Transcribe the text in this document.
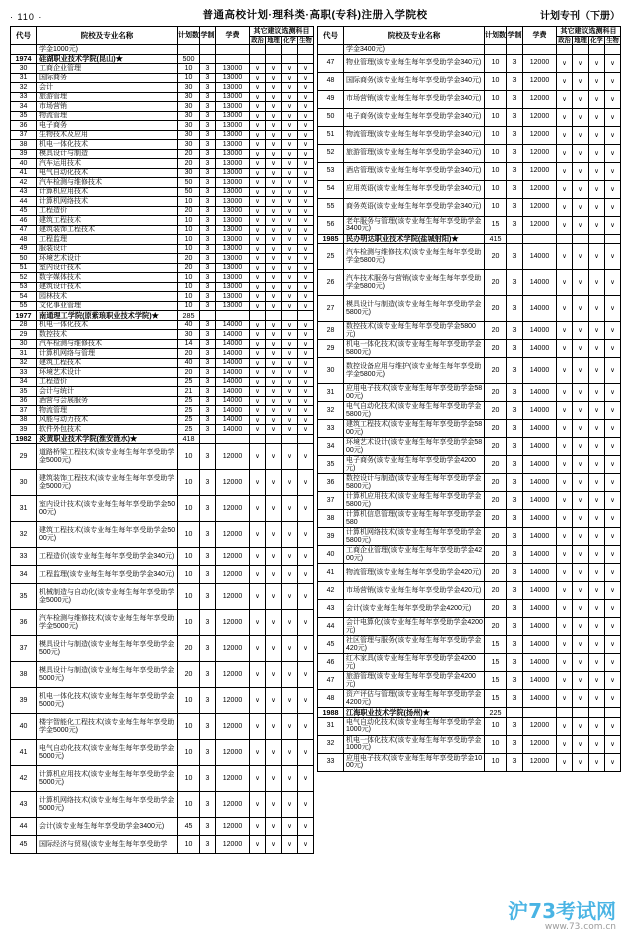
· 110 ·	普通高校计划·理科类·高职(专科)注册入学院校	计划专刊（下册）
代号	院校及专业名称	计划数	学制	学费	其它建议选测科目			
					政治	地理	化学	生物
	学金1000元)							
1974	硅湖职业技术学院(昆山)★	500						
30	工商企业管理	10	3	13000	∨	∨	∨	∨
31	国际商务	10	3	13000	∨	∨	∨	∨
32	会计	30	3	13000	∨	∨	∨	∨
33	旅游管理	30	3	13000	∨	∨	∨	∨
34	市场营销	30	3	13000	∨	∨	∨	∨
35	物流管理	30	3	13000	∨	∨	∨	∨
36	电子商务	30	3	13000	∨	∨	∨	∨
37	生物技术及应用	30	3	13000	∨	∨	∨	∨
38	机电一体化技术	30	3	13000	∨	∨	∨	∨
39	模具设计与制造	20	3	13000	∨	∨	∨	∨
40	汽车运用技术	20	3	13000	∨	∨	∨	∨
41	电气自动化技术	30	3	13000	∨	∨	∨	∨
42	汽车检测与维修技术	50	3	13000	∨	∨	∨	∨
43	计算机应用技术	50	3	13000	∨	∨	∨	∨
44	计算机网络技术	10	3	13000	∨	∨	∨	∨
45	工程造价	20	3	13000	∨	∨	∨	∨
46	建筑工程技术	10	3	13000	∨	∨	∨	∨
47	建筑装饰工程技术	10	3	13000	∨	∨	∨	∨
48	工程监理	10	3	13000	∨	∨	∨	∨
49	服装设计	10	3	13000	∨	∨	∨	∨
50	环境艺术设计	20	3	13000	∨	∨	∨	∨
51	室内设计技术	20	3	13000	∨	∨	∨	∨
52	数字媒体技术	10	3	13000	∨	∨	∨	∨
53	建筑设计技术	10	3	13000	∨	∨	∨	∨
54	园林技术	10	3	13000	∨	∨	∨	∨
55	文化事业管理	10	3	13000	∨	∨	∨	∨
1977	南通理工学院(原紫琅职业技术学院)★	285						
28	机电一体化技术	40	3	14000	∨	∨	∨	∨
29	数控技术	30	3	14000	∨	∨	∨	∨
30	汽车检测与维修技术	14	3	14000	∨	∨	∨	∨
31	计算机网络与管理	20	3	14000	∨	∨	∨	∨
32	建筑工程技术	40	3	14000	∨	∨	∨	∨
33	环境艺术设计	20	3	14000	∨	∨	∨	∨
34	工程造价	25	3	14000	∨	∨	∨	∨
35	会计与统计	21	3	14000	∨	∨	∨	∨
36	酒营与会展服务	25	3	14000	∨	∨	∨	∨
37	物流管理	25	3	14000	∨	∨	∨	∨
38	风能与动力技术	25	3	14000	∨	∨	∨	∨
39	软件外包技术	25	3	14000	∨	∨	∨	∨
1982	炎黄职业技术学院(淮安涟水)★	418						
29	道路桥梁工程技术(该专业每生每年享受助学金5000元)	10	3	12000	∨	∨	∨	∨
30	建筑装饰工程技术(该专业每生每年享受助学金5000元)	10	3	12000	∨	∨	∨	∨
31	室内设计技术(该专业每生每年享受助学金5000元)	10	3	12000	∨	∨	∨	∨
32	建筑工程技术(该专业每生每年享受助学金5000元)	10	3	12000	∨	∨	∨	∨
33	工程造价(该专业每生每年享受助学金340元)	10	3	12000	∨	∨	∨	∨
34	工程监理(该专业每生每年享受助学金340元)	10	3	12000	∨	∨	∨	∨
35	机械制造与自动化(该专业每生每年享受助学金5000元)	10	3	12000	∨	∨	∨	∨
36	汽车检测与维修技术(该专业每生每年享受助学金5000元)	10	3	12000	∨	∨	∨	∨
37	模具设计与制造(该专业每生每年享受助学金500元)	20	3	12000	∨	∨	∨	∨
38	模具设计与制造(该专业每生每年享受助学金5000元)	20	3	12000	∨	∨	∨	∨
39	机电一体化技术(该专业每生每年享受助学金5000元)	10	3	12000	∨	∨	∨	∨
40	楼宇智能化工程技术(该专业每生每年享受助学金5000元)	10	3	12000	∨	∨	∨	∨
41	电气自动化技术(该专业每生每年享受助学金5000元)	10	3	12000	∨	∨	∨	∨
42	计算机应用技术(该专业每生每年享受助学金5000元)	10	3	12000	∨	∨	∨	∨
43	计算机网络技术(该专业每生每年享受助学金5000元)	10	3	12000	∨	∨	∨	∨
44	会计(该专业每生每年享受助学金3400元)	45	3	12000	∨	∨	∨	∨
45	国际经济与贸易(该专业每生每年享受助学	10	3	12000	∨	∨	∨	∨
代号	院校及专业名称	计划数	学制	学费	其它建议选测科目			
					政治	地理	化学	生物
	学金3400元)							
47	物业管理(该专业每生每年享受助学金340元)	10	3	12000	∨	∨	∨	∨
48	国际商务(该专业每生每年享受助学金340元)	10	3	12000	∨	∨	∨	∨
49	市场营销(该专业每生每年享受助学金340元)	10	3	12000	∨	∨	∨	∨
50	电子商务(该专业每生每年享受助学金340元)	10	3	12000	∨	∨	∨	∨
51	物流管理(该专业每生每年享受助学金340元)	10	3	12000	∨	∨	∨	∨
52	旅游管理(该专业每生每年享受助学金340元)	10	3	12000	∨	∨	∨	∨
53	酒店管理(该专业每生每年享受助学金340元)	10	3	12000	∨	∨	∨	∨
54	应用英语(该专业每生每年享受助学金340元)	10	3	12000	∨	∨	∨	∨
55	商务英语(该专业每生每年享受助学金340元)	10	3	12000	∨	∨	∨	∨
56	老年服务与管理(该专业每生每年享受助学金3400元)	15	3	12000	∨	∨	∨	∨
1985	民办明达职业技术学院(盐城射阳)★	415						
25	汽车检测与维修技术(该专业每生每年享受助学金5800元)	20	3	14000	∨	∨	∨	∨
26	汽车技术服务与营销(该专业每生每年享受助学金5800元)	20	3	14000	∨	∨	∨	∨
27	模具设计与制造(该专业每生每年享受助学金5800元)	20	3	14000	∨	∨	∨	∨
28	数控技术(该专业每生每年享受助学金5800元)	20	3	14000	∨	∨	∨	∨
29	机电一体化技术(该专业每生每年享受助学金5800元)	20	3	14000	∨	∨	∨	∨
30	数控设备应用与维护(该专业每生每年享受助学金5800元)	20	3	14000	∨	∨	∨	∨
31	应用电子技术(该专业每生每年享受助学金5800元)	20	3	14000	∨	∨	∨	∨
32	电气自动化技术(该专业每生每年享受助学金5800元)	20	3	14000	∨	∨	∨	∨
33	建筑工程技术(该专业每生每年享受助学金5800元)	20	3	14000	∨	∨	∨	∨
34	环境艺术设计(该专业每生每年享受助学金5800元)	20	3	14000	∨	∨	∨	∨
35	电子商务(该专业每生每年享受助学金4200元)	20	3	14000	∨	∨	∨	∨
36	数控设计与制造(该专业每生每年享受助学金5800元)	20	3	14000	∨	∨	∨	∨
37	计算机应用技术(该专业每生每年享受助学金5800元)	20	3	14000	∨	∨	∨	∨
38	计算机信息管理(该专业每生每年享受助学金580	20	3	14000	∨	∨	∨	∨
39	计算机网络技术(该专业每生每年享受助学金5800元)	20	3	14000	∨	∨	∨	∨
40	工商企业管理(该专业每生每年享受助学金4200元)	20	3	14000	∨	∨	∨	∨
41	物流管理(该专业每生每年享受助学金420元)	20	3	14000	∨	∨	∨	∨
42	市场营销(该专业每生每年享受助学金420元)	20	3	14000	∨	∨	∨	∨
43	会计(该专业每生每年享受助学金4200元)	20	3	14000	∨	∨	∨	∨
44	会计电算化(该专业每生每年享受助学金4200元)	20	3	14000	∨	∨	∨	∨
45	社区管理与服务(该专业每生每年享受助学金420元)	15	3	14000	∨	∨	∨	∨
46	红木家具(该专业每生每年享受助学金4200元)	15	3	14000	∨	∨	∨	∨
47	旅游管理(该专业每生每年享受助学金4200元)	15	3	14000	∨	∨	∨	∨
48	资产评估与管理(该专业每生每年享受助学金4200元)	15	3	14000	∨	∨	∨	∨
1988	江海职业技术学院(扬州)★	225						
31	电气自动化技术(该专业每生每年享受助学金1000元)	10	3	12000	∨	∨	∨	∨
32	机电一体化技术(该专业每生每年享受助学金1000元)	10	3	12000	∨	∨	∨	∨
33	应用电子技术(该专业每生每年享受助学金1000元)	10	3	12000	∨	∨	∨	∨
沪73考试网
www.73.com.cn
